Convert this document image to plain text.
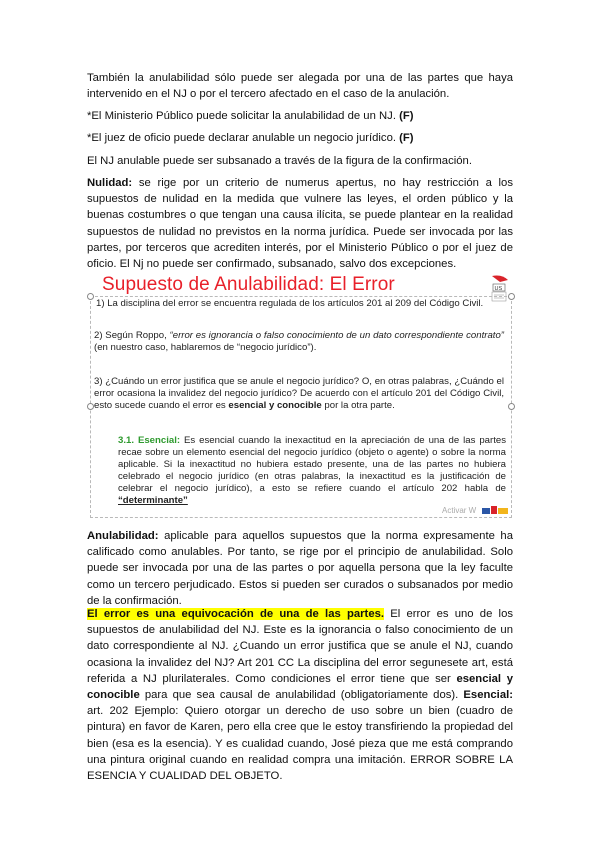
También la anulabilidad sólo puede ser alegada por una de las partes que haya intervenido en el NJ o por el tercero afectado en el caso de la anulación.

*El Ministerio Público puede solicitar la anulabilidad de un NJ. (F)

*El juez de oficio puede declarar anulable un negocio jurídico. (F)

El NJ anulable puede ser subsanado a través de la figura de la confirmación.

Nulidad: se rige por un criterio de numerus apertus, no hay restricción a los supuestos de nulidad en la medida que vulnere las leyes, el orden público y la buenas costumbres o que tengan una causa ilícita, se puede plantear en la realidad supuestos de nulidad no previstos en la norma jurídica. Puede ser invocada por las partes, por terceros que acrediten interés, por el Ministerio Público o por el juez de oficio. El Nj no puede ser confirmado, subsanado, salvo dos excepciones.

Supuesto de Anulabilidad: El Error	US
1) La disciplina del error se encuentra regulada de los artículos 201 al 209 del Código Civil.
2) Según Roppo, “error es ignorancia o falso conocimiento de un dato correspondiente contrato” (en nuestro caso, hablaremos de “negocio jurídico”).
3) ¿Cuándo un error justifica que se anule el negocio jurídico? O, en otras palabras, ¿Cuándo el error ocasiona la invalidez del negocio jurídico? De acuerdo con el artículo 201 del Código Civil, esto sucede cuando el error es esencial y conocible por la otra parte.
3.1. Esencial: Es esencial cuando la inexactitud en la apreciación de una de las partes recae sobre un elemento esencial del negocio jurídico (objeto o agente) o sobre la norma aplicable. Si la inexactitud no hubiera estado presente, una de las partes no hubiera celebrado el negocio jurídico (en otras palabras, la inexactitud es la justificación de celebrar el negocio jurídico), a esto se refiere cuando el artículo 202 habla de “determinante”
Activar W

Anulabilidad: aplicable para aquellos supuestos que la norma expresamente ha calificado como anulables. Por tanto, se rige por el principio de anulabilidad. Solo puede ser invocada por una de las partes o por aquella persona que la ley faculte como un tercero perjudicado. Estos si pueden ser curados o subsanados por medio de la confirmación.

El error es una equivocación de una de las partes. El error es uno de los supuestos de anulabilidad del NJ. Este es la ignorancia o falso conocimiento de un dato correspondiente al NJ. ¿Cuando un error justifica que se anule el NJ, cuando ocasiona la invalidez del NJ? Art 201 CC La disciplina del error segunesete art, está referida a NJ plurilaterales. Como condiciones el error tiene que ser esencial y conocible para que sea causal de anulabilidad (obligatoriamente dos). Esencial: art. 202 Ejemplo: Quiero otorgar un derecho de uso sobre un bien (cuadro de pintura) en favor de Karen, pero ella cree que le estoy transfiriendo la propiedad del bien (esa es la esencia). Y es cualidad cuando, José pieza que me está comprando una pintura original cuando en realidad compra una imitación. ERROR SOBRE LA ESENCIA Y CUALIDAD DEL OBJETO.
